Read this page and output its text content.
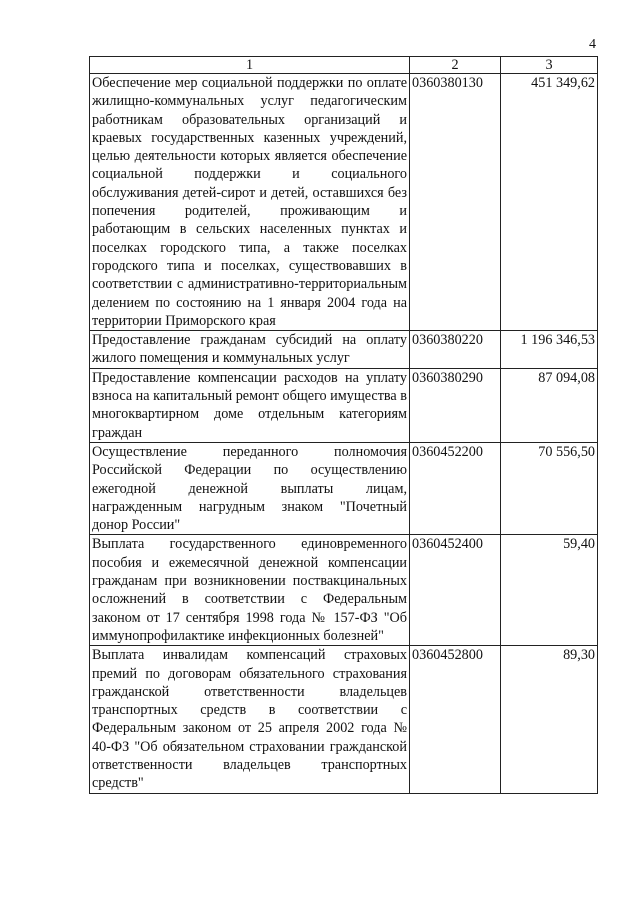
4
1	2	3
Обеспечение мер социальной поддержки по оплате жилищно-коммунальных услуг педагогическим работникам образовательных организаций и краевых государственных казенных учреждений, целью деятельности которых является обеспечение социальной поддержки и социального обслуживания детей-сирот и детей, оставшихся без попечения родителей, проживающим и работающим в сельских населенных пунктах и поселках городского типа, а также поселках городского типа и поселках, существовавших в соответствии с административно-территориальным делением по состоянию на 1 января 2004 года на территории Приморского края	0360380130	451 349,62
Предоставление гражданам субсидий на оплату жилого помещения и коммунальных услуг	0360380220	1 196 346,53
Предоставление компенсации расходов на уплату взноса на капитальный ремонт общего имущества в многоквартирном доме отдельным категориям граждан	0360380290	87 094,08
Осуществление переданного полномочия Российской Федерации по осуществлению ежегодной денежной выплаты лицам, награжденным нагрудным знаком "Почетный донор России"	0360452200	70 556,50
Выплата государственного единовременного пособия и ежемесячной денежной компенсации гражданам при возникновении поствакцинальных осложнений в соответствии с Федеральным законом от 17 сентября 1998 года № 157-ФЗ "Об иммунопрофилактике инфекционных болезней"	0360452400	59,40
Выплата инвалидам компенсаций страховых премий по договорам обязательного страхования гражданской ответственности владельцев транспортных средств в соответствии с Федеральным законом от 25 апреля 2002 года № 40-ФЗ "Об обязательном страховании гражданской ответственности владельцев транспортных средств"	0360452800	89,30
